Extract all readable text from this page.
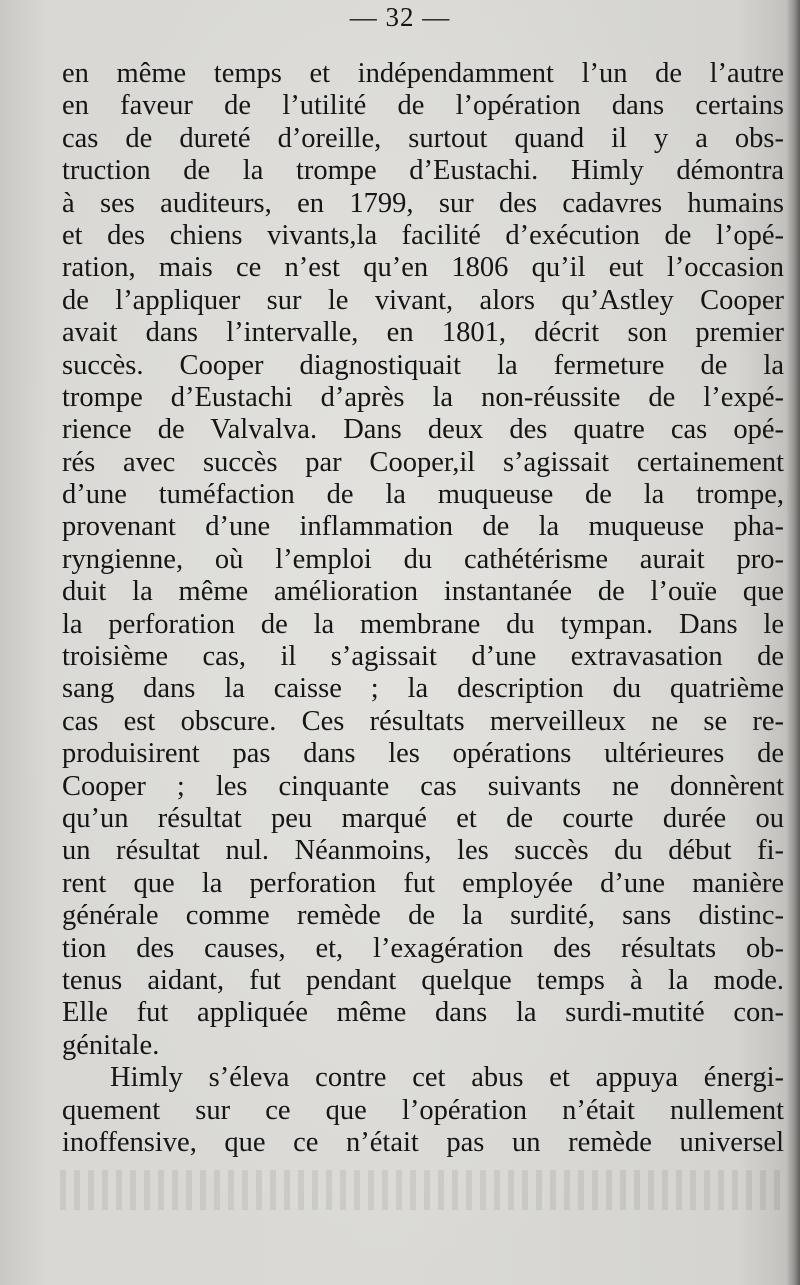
— 32 —
en même temps et indépendamment l’un de l’autre
en faveur de l’utilité de l’opération dans certains
cas de dureté d’oreille, surtout quand il y a obs-
truction de la trompe d’Eustachi. Himly démontra
à ses auditeurs, en 1799, sur des cadavres humains
et des chiens vivants,la facilité d’exécution de l’opé-
ration, mais ce n’est qu’en 1806 qu’il eut l’occasion
de l’appliquer sur le vivant, alors qu’Astley Cooper
avait dans l’intervalle, en 1801, décrit son premier
succès. Cooper diagnostiquait la fermeture de la
trompe d’Eustachi d’après la non-réussite de l’expé-
rience de Valvalva. Dans deux des quatre cas opé-
rés avec succès par Cooper,il s’agissait certainement
d’une tuméfaction de la muqueuse de la trompe,
provenant d’une inflammation de la muqueuse pha-
ryngienne, où l’emploi du cathétérisme aurait pro-
duit la même amélioration instantanée de l’ouïe que
la perforation de la membrane du tympan. Dans le
troisième cas, il s’agissait d’une extravasation de
sang dans la caisse ; la description du quatrième
cas est obscure. Ces résultats merveilleux ne se re-
produisirent pas dans les opérations ultérieures de
Cooper ; les cinquante cas suivants ne donnèrent
qu’un résultat peu marqué et de courte durée ou
un résultat nul. Néanmoins, les succès du début fi-
rent que la perforation fut employée d’une manière
générale comme remède de la surdité, sans distinc-
tion des causes, et, l’exagération des résultats ob-
tenus aidant, fut pendant quelque temps à la mode.
Elle fut appliquée même dans la surdi-mutité con-
génitale.
Himly s’éleva contre cet abus et appuya énergi-
quement sur ce que l’opération n’était nullement
inoffensive, que ce n’était pas un remède universel
